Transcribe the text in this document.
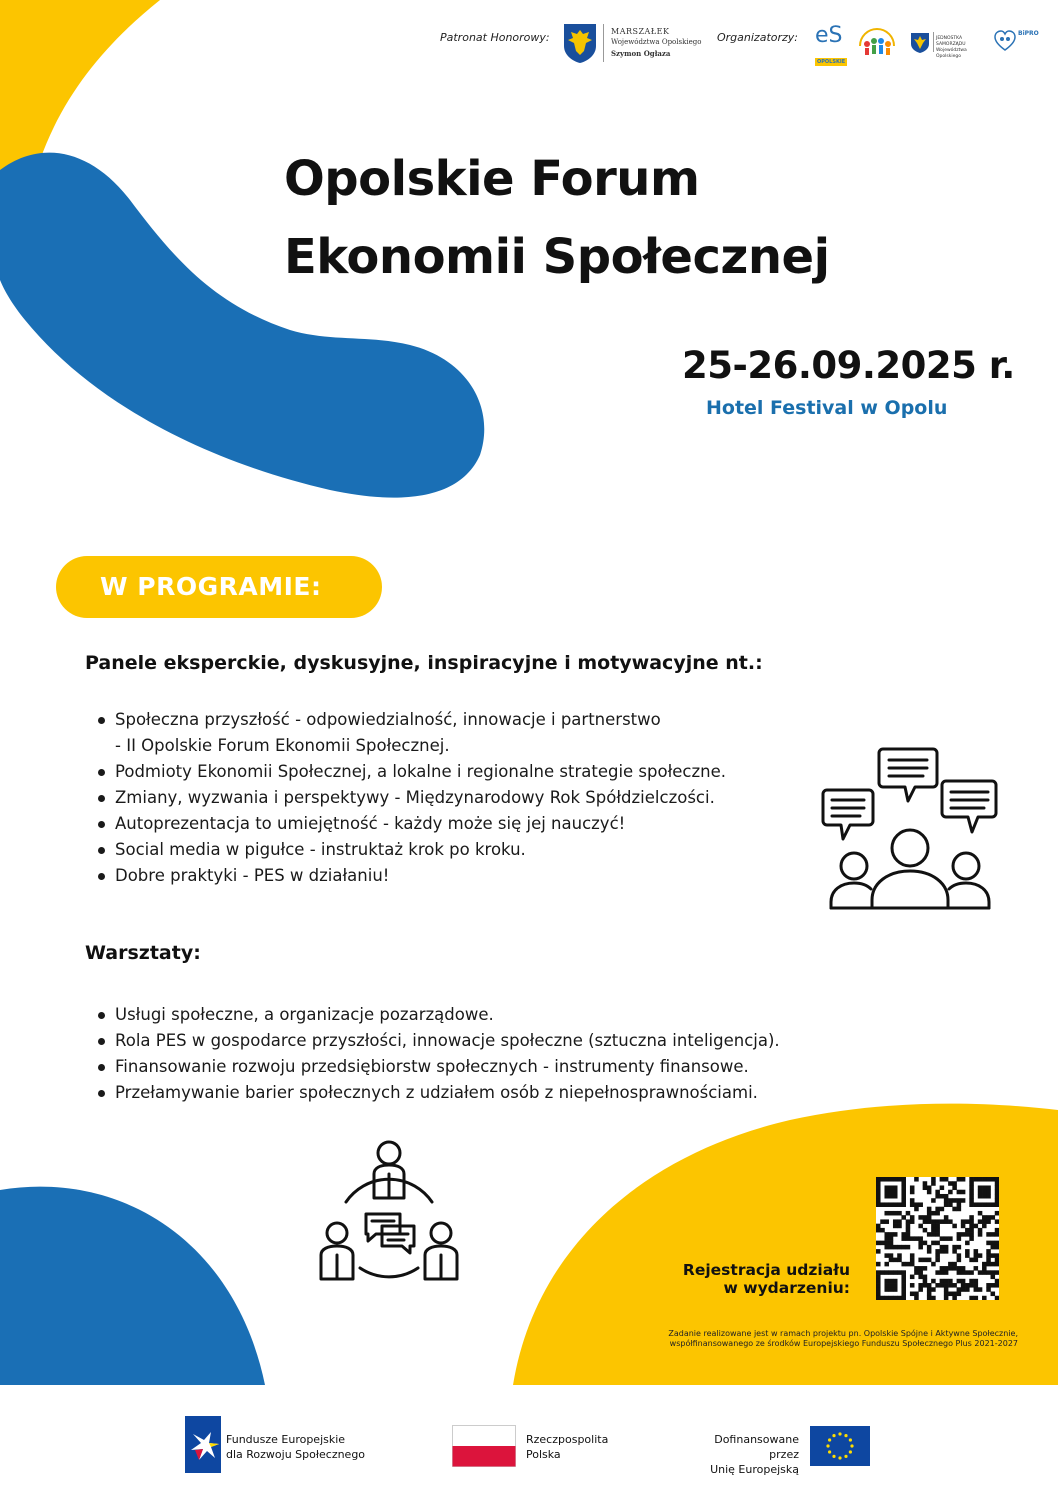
Patronat Honorowy:	MARSZAŁEK
Województwa Opolskiego
Szymon Ogłaza
Organizatorzy: eS
OPOLSKIE
JEDNOSTKA SAMORZĄDU Województwa Opolskiego
BiPRO
Opolskie Forum
Ekonomii Społecznej
25-26.09.2025 r.
Hotel Festival w Opolu
W PROGRAMIE:
Panele eksperckie, dyskusyjne, inspiracyjne i motywacyjne nt.:
Społeczna przyszłość - odpowiedzialność, innowacje i partnerstwo
- II Opolskie Forum Ekonomii Społecznej.
Podmioty Ekonomii Społecznej, a lokalne i regionalne strategie społeczne.
Zmiany, wyzwania i perspektywy - Międzynarodowy Rok Spółdzielczości.
Autoprezentacja to umiejętność - każdy może się jej nauczyć!
Social media w pigułce - instruktaż krok po kroku.
Dobre praktyki - PES w działaniu!
Warsztaty:
Usługi społeczne, a organizacje pozarządowe.
Rola PES w gospodarce przyszłości, innowacje społeczne (sztuczna inteligencja).
Finansowanie rozwoju przedsiębiorstw społecznych - instrumenty finansowe.
Przełamywanie barier społecznych z udziałem osób z niepełnosprawnościami.
Rejestracja udziału
w wydarzeniu:
Zadanie realizowane jest w ramach projektu pn. Opolskie Spójne i Aktywne Społecznie,
współfinansowanego ze środków Europejskiego Funduszu Społecznego Plus 2021-2027
Fundusze Europejskie
dla Rozwoju Społecznego
Rzeczpospolita
Polska
Dofinansowane przez
Unię Europejską
